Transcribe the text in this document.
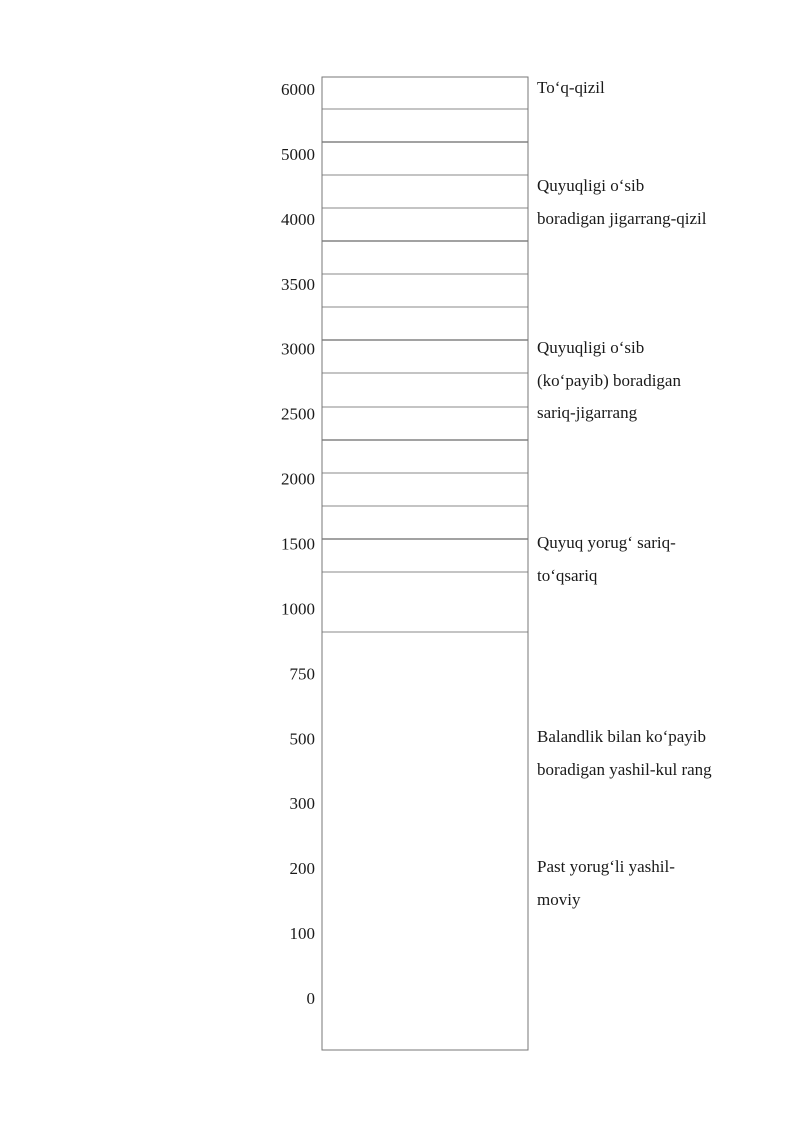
6000
5000
4000
3500
3000
2500
2000
1500
1000
750
500
300
200
100
0
To‘q-qizil
Quyuqligi o‘sib
boradigan jigarrang-qizil
Quyuqligi o‘sib
(ko‘payib) boradigan
sariq-jigarrang
Quyuq yorug‘ sariq-
to‘qsariq
Balandlik bilan ko‘payib
boradigan yashil-kul rang
Past yorug‘li yashil-
moviy
